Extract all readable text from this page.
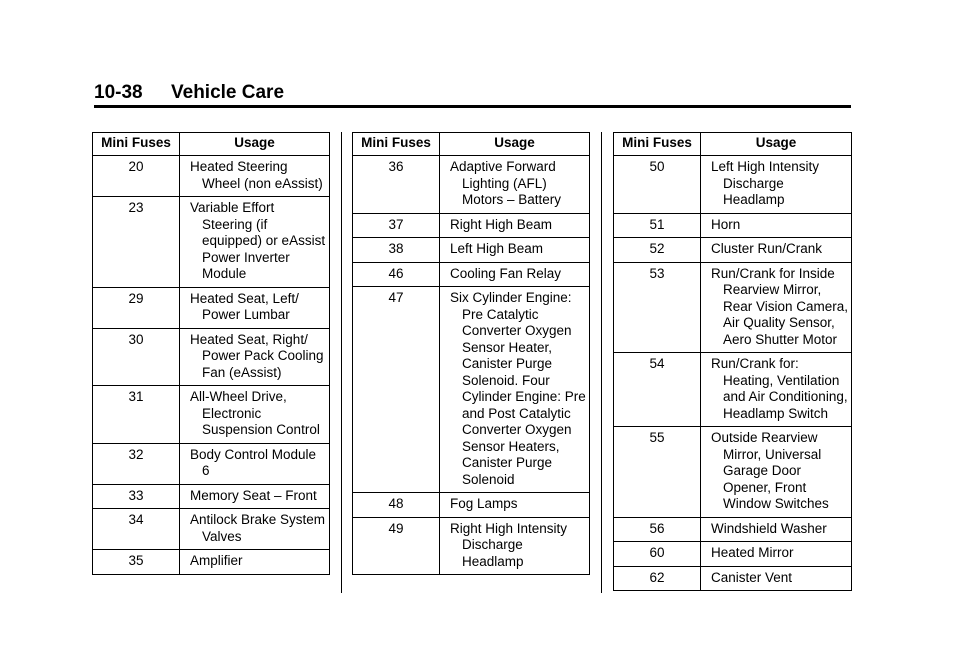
10-38 Vehicle Care
Mini Fuses	Usage
20	Heated Steering Wheel (non eAssist)

23	Variable Effort Steering (if equipped) or eAssist Power Inverter Module

29	Heated Seat, Left/ Power Lumbar

30	Heated Seat, Right/ Power Pack Cooling Fan (eAssist)

31	All-Wheel Drive, Electronic Suspension Control

32	Body Control Module 6

33	Memory Seat – Front

34	Antilock Brake System Valves

35	Amplifier
Mini Fuses	Usage
36	Adaptive Forward Lighting (AFL) Motors – Battery

37	Right High Beam

38	Left High Beam

46	Cooling Fan Relay

47	Six Cylinder Engine: Pre Catalytic Converter Oxygen Sensor Heater, Canister Purge Solenoid. Four Cylinder Engine: Pre and Post Catalytic Converter Oxygen Sensor Heaters, Canister Purge Solenoid

48	Fog Lamps

49	Right High Intensity Discharge Headlamp
Mini Fuses	Usage
50	Left High Intensity Discharge Headlamp

51	Horn

52	Cluster Run/Crank

53	Run/Crank for Inside Rearview Mirror, Rear Vision Camera, Air Quality Sensor, Aero Shutter Motor

54	Run/Crank for: Heating, Ventilation and Air Conditioning, Headlamp Switch

55	Outside Rearview Mirror, Universal Garage Door Opener, Front Window Switches

56	Windshield Washer

60	Heated Mirror

62	Canister Vent
